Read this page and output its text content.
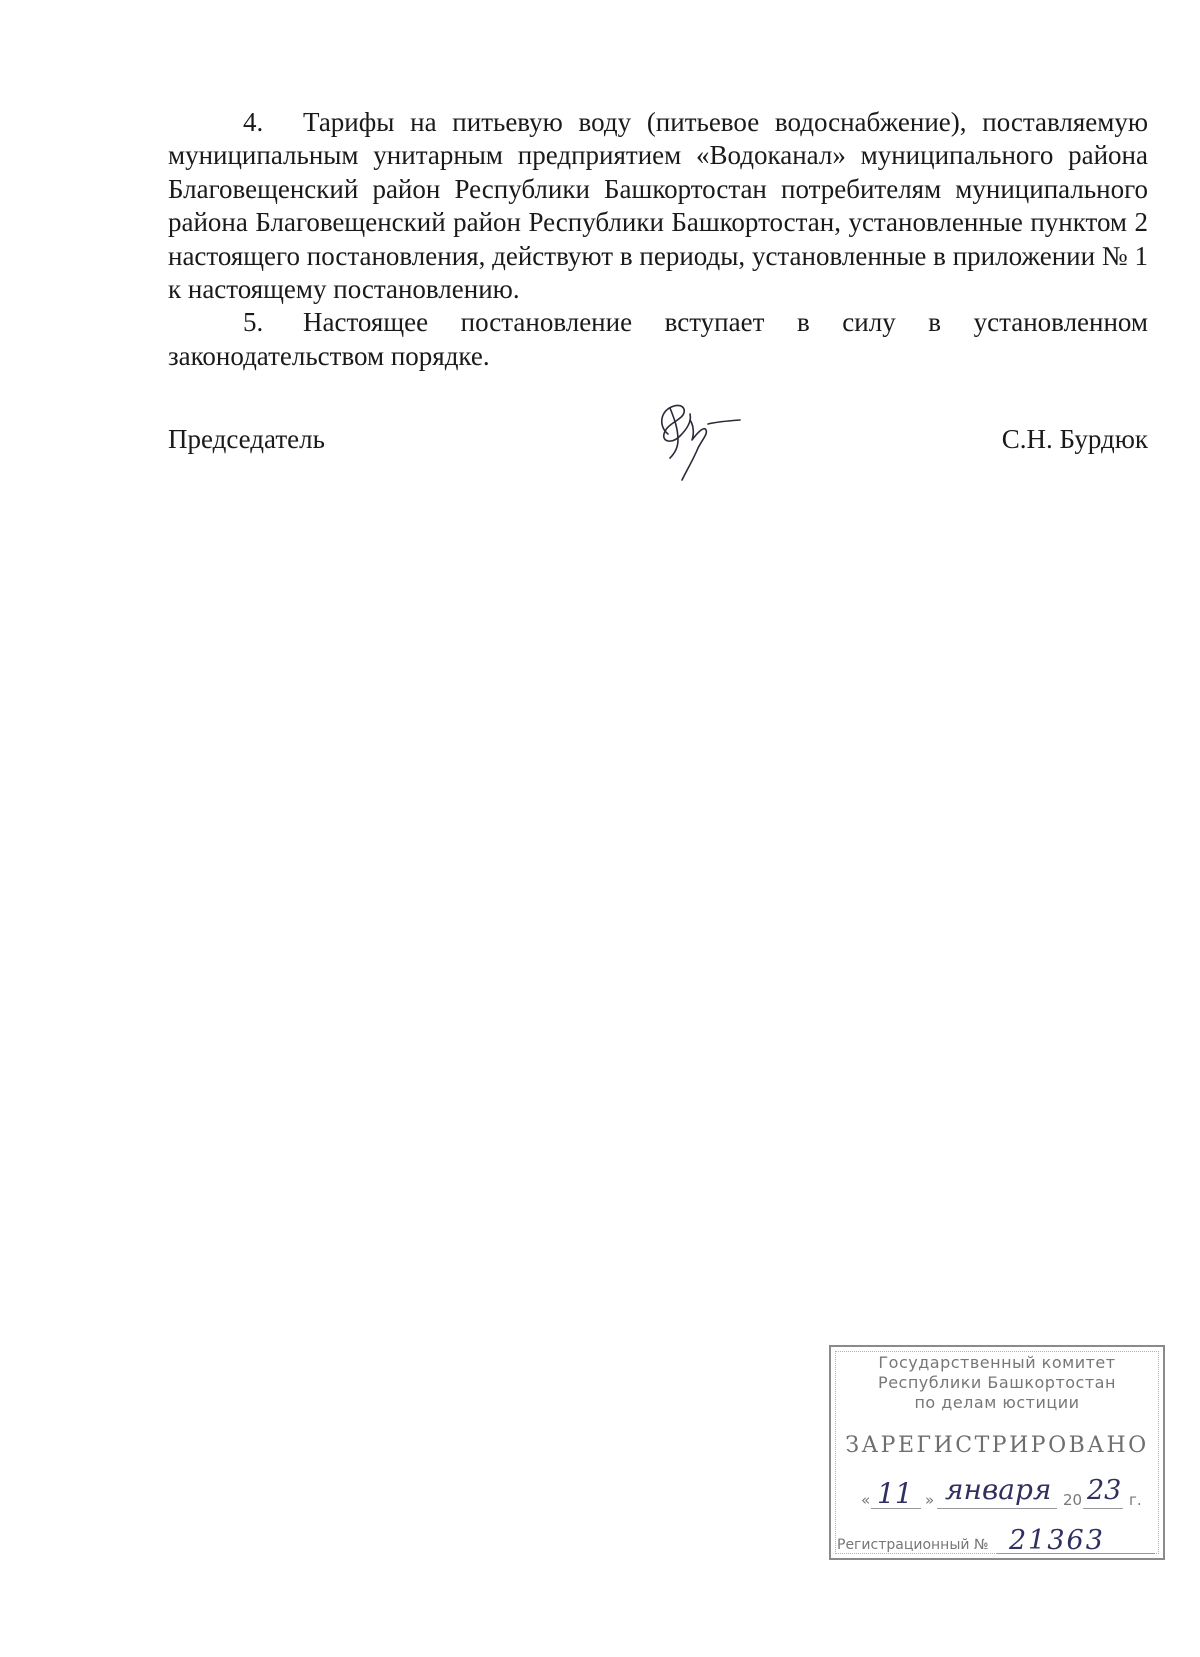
4. Тарифы на питьевую воду (питьевое водоснабжение), поставляемую муниципальным унитарным предприятием «Водоканал» муниципального района Благовещенский район Республики Башкортостан потребителям муниципального района Благовещенский район Республики Башкортостан, установленные пунктом 2 настоящего постановления, действуют в периоды, установленные в приложении № 1 к настоящему постановлению.

5. Настоящее постановление вступает в силу в установленном законодательством порядке.

Председатель	С.Н. Бурдюк
Государственный комитет
Республики Башкортостан
по делам юстиции
ЗАРЕГИСТРИРОВАНО
« 11 » января 20 23 г.
Регистрационный № 21363
